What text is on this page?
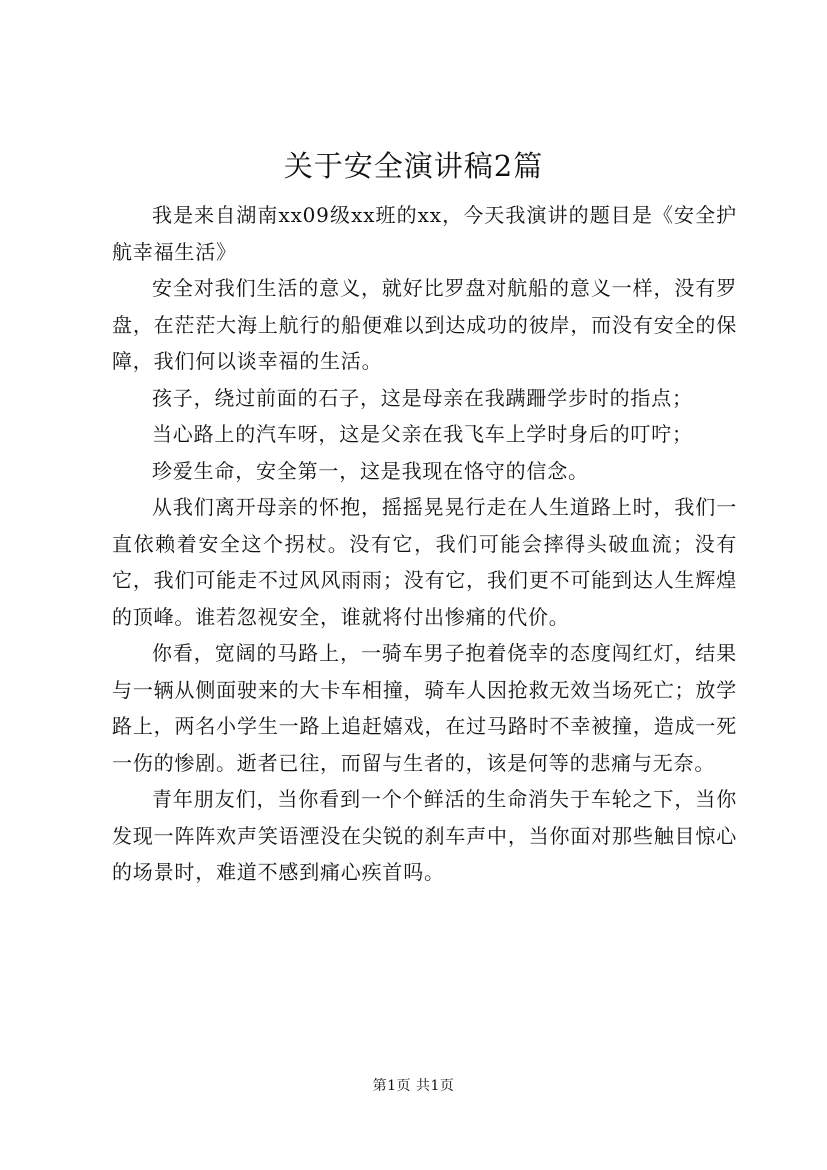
关于安全演讲稿2篇

我是来自湖南xx09级xx班的xx，今天我演讲的题目是《安全护航幸福生活》

安全对我们生活的意义，就好比罗盘对航船的意义一样，没有罗盘，在茫茫大海上航行的船便难以到达成功的彼岸，而没有安全的保障，我们何以谈幸福的生活。

孩子，绕过前面的石子，这是母亲在我蹒跚学步时的指点；

当心路上的汽车呀，这是父亲在我飞车上学时身后的叮咛；

珍爱生命，安全第一，这是我现在恪守的信念。

从我们离开母亲的怀抱，摇摇晃晃行走在人生道路上时，我们一直依赖着安全这个拐杖。没有它，我们可能会摔得头破血流；没有它，我们可能走不过风风雨雨；没有它，我们更不可能到达人生辉煌的顶峰。谁若忽视安全，谁就将付出惨痛的代价。

你看，宽阔的马路上，一骑车男子抱着侥幸的态度闯红灯，结果与一辆从侧面驶来的大卡车相撞，骑车人因抢救无效当场死亡；放学路上，两名小学生一路上追赶嬉戏，在过马路时不幸被撞，造成一死一伤的惨剧。逝者已往，而留与生者的，该是何等的悲痛与无奈。

青年朋友们，当你看到一个个鲜活的生命消失于车轮之下，当你发现一阵阵欢声笑语湮没在尖锐的刹车声中，当你面对那些触目惊心的场景时，难道不感到痛心疾首吗。

第1页 共1页
